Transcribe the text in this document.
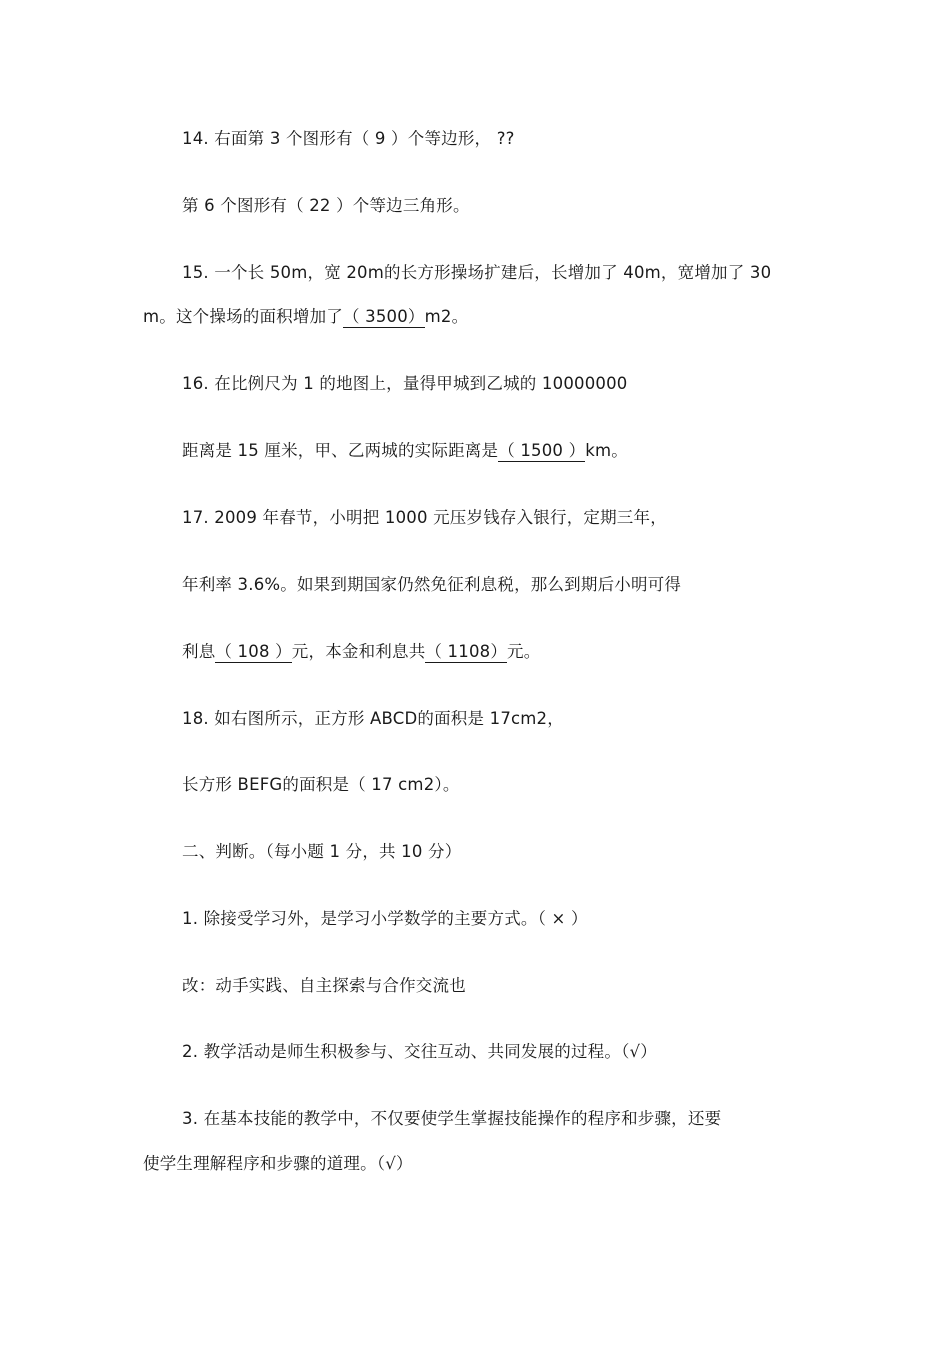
14. 右面第 3 个图形有（ 9 ）个等边形， ??
第 6 个图形有（ 22 ）个等边三角形。
15. 一个长 50m，宽 20m的长方形操场扩建后，长增加了 40m，宽增加了 30
m。这个操场的面积增加了（ 3500）m2。
16. 在比例尺为 1 的地图上，量得甲城到乙城的 10000000
距离是 15 厘米，甲、乙两城的实际距离是（ 1500 ）km。
17. 2009 年春节，小明把 1000 元压岁钱存入银行，定期三年，
年利率 3.6%。如果到期国家仍然免征利息税，那么到期后小明可得
利息（ 108 ）元，本金和利息共（ 1108）元。
18. 如右图所示，正方形 ABCD的面积是 17cm2，
长方形 BEFG的面积是（ 17 cm2）。
二、判断。（每小题 1 分，共 10 分）
1. 除接受学习外，是学习小学数学的主要方式。（ × ）
改：动手实践、自主探索与合作交流也
2. 教学活动是师生积极参与、交往互动、共同发展的过程。（√）
3. 在基本技能的教学中，不仅要使学生掌握技能操作的程序和步骤，还要
使学生理解程序和步骤的道理。（√）
